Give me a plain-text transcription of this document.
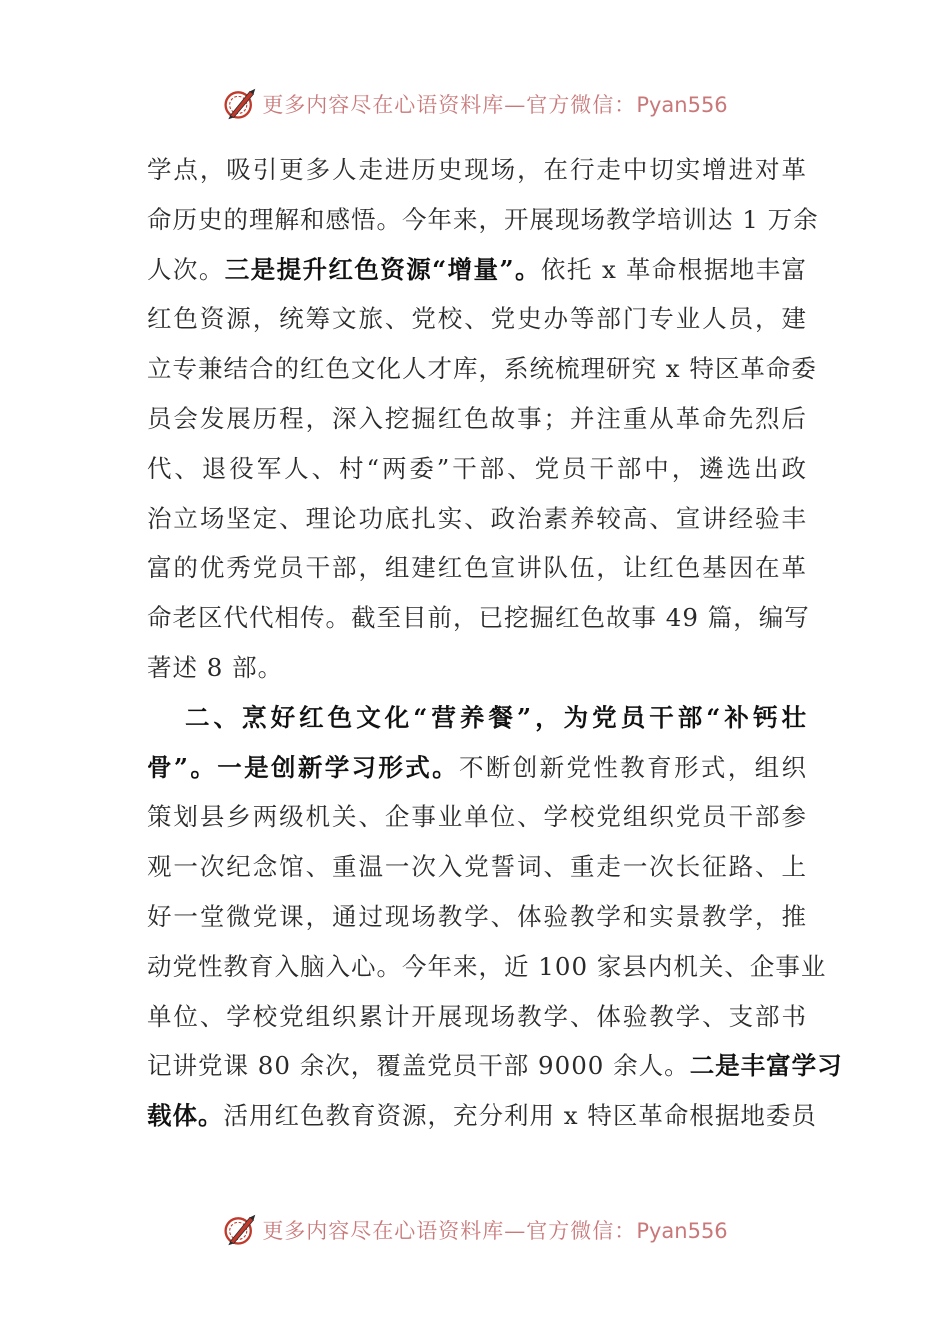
更多内容尽在心语资料库—官方微信：Pyan556
学点，吸引更多人走进历史现场，在行走中切实增进对革
命历史的理解和感悟。今年来，开展现场教学培训达 1 万余
人次。三是提升红色资源“增量”。依托 x 革命根据地丰富
红色资源，统筹文旅、党校、党史办等部门专业人员，建
立专兼结合的红色文化人才库，系统梳理研究 x 特区革命委
员会发展历程，深入挖掘红色故事；并注重从革命先烈后
代、退役军人、村“两委”干部、党员干部中，遴选出政
治立场坚定、理论功底扎实、政治素养较高、宣讲经验丰
富的优秀党员干部，组建红色宣讲队伍，让红色基因在革
命老区代代相传。截至目前，已挖掘红色故事 49 篇，编写
著述 8 部。
二、烹好红色文化“营养餐”，为党员干部“补钙壮
骨”。一是创新学习形式。不断创新党性教育形式，组织
策划县乡两级机关、企事业单位、学校党组织党员干部参
观一次纪念馆、重温一次入党誓词、重走一次长征路、上
好一堂微党课，通过现场教学、体验教学和实景教学，推
动党性教育入脑入心。今年来，近 100 家县内机关、企事业
单位、学校党组织累计开展现场教学、体验教学、支部书
记讲党课 80 余次，覆盖党员干部 9000 余人。二是丰富学习
载体。活用红色教育资源，充分利用 x 特区革命根据地委员
更多内容尽在心语资料库—官方微信：Pyan556
